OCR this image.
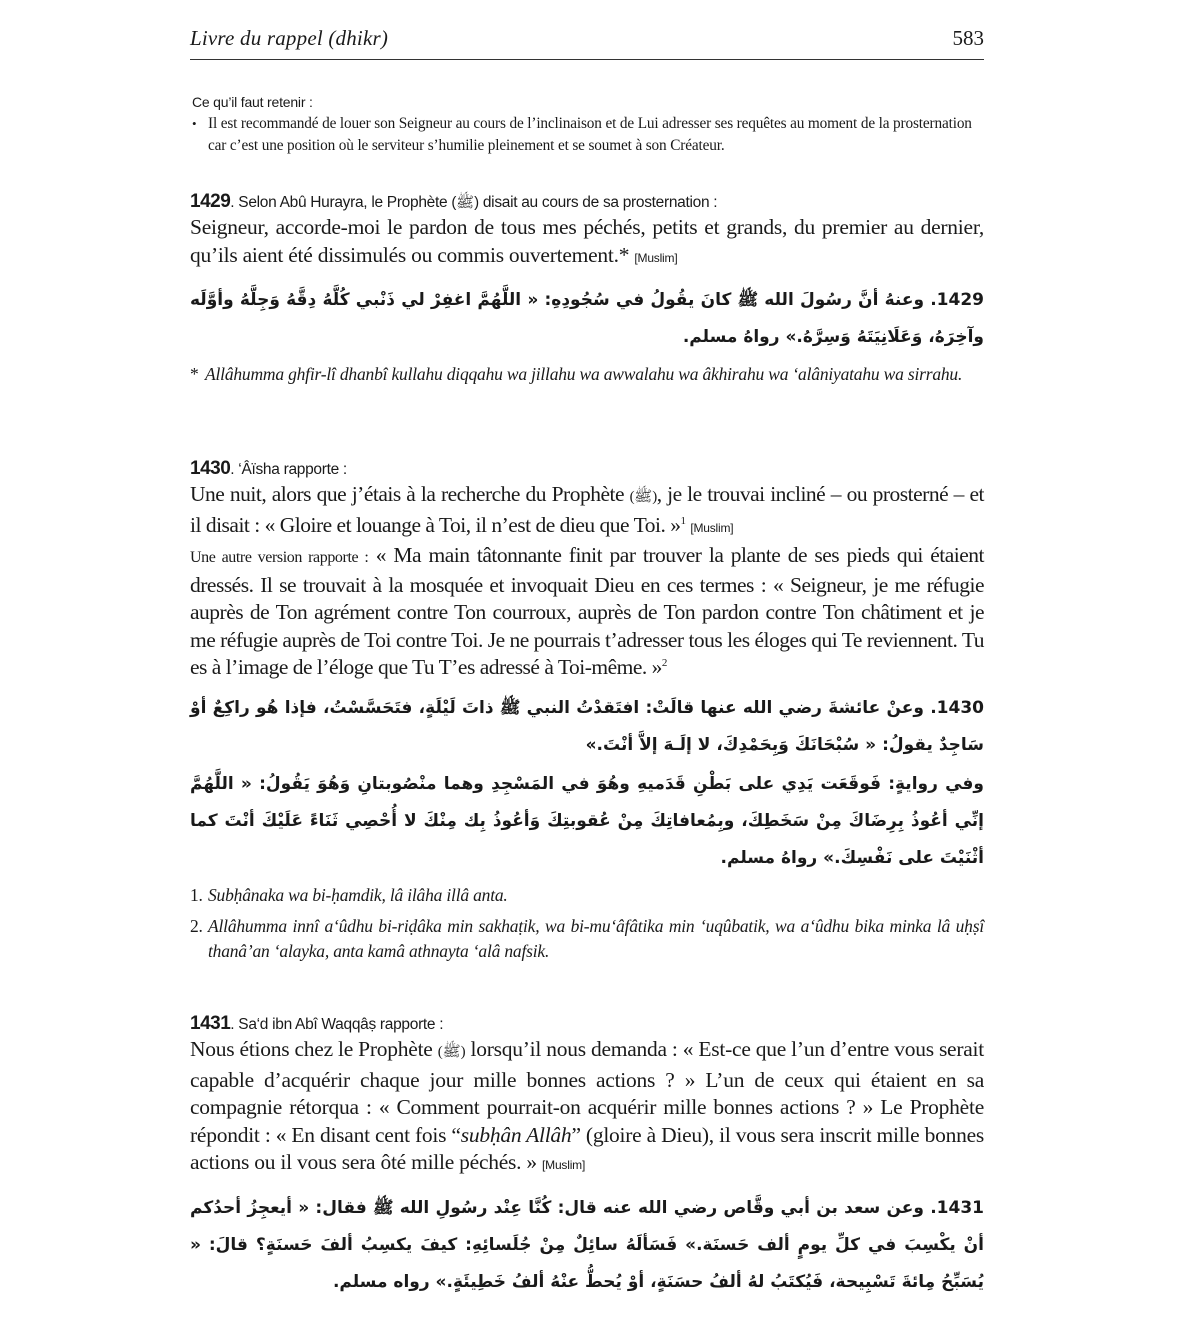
Livre du rappel (dhikr)	583
Ce qu’il faut retenir :
• Il est recommandé de louer son Seigneur au cours de l’inclinaison et de Lui adresser ses requêtes au moment de la prosternation car c’est une position où le serviteur s’humilie pleinement et se soumet à son Créateur.
1429. Selon Abû Hurayra, le Prophète (ﷺ) disait au cours de sa prosternation :
Seigneur, accorde-moi le pardon de tous mes péchés, petits et grands, du premier au dernier, qu’ils aient été dissimulés ou commis ouvertement.* [Muslim]
1429. وعنهُ أنَّ رسُولَ الله ﷺ كانَ يقُولُ في سُجُودِهِ: « اللَّهُمَّ اغفِرْ لي ذَنْبي كُلَّهُ دِقَّهُ وَجِلَّهُ وأوَّلَه وآخِرَهُ، وَعَلَانِيَتَهُ وَسِرَّهُ.» رواهُ مسلم.
* Allâhumma ghfir-lî dhanbî kullahu diqqahu wa jillahu wa awwalahu wa âkhirahu wa ‘alâniyatahu wa sirrahu.
1430. ‘Âïsha rapporte :
Une nuit, alors que j’étais à la recherche du Prophète (ﷺ), je le trouvai incliné – ou prosterné – et il disait : « Gloire et louange à Toi, il n’est de dieu que Toi. »$^1$ [Muslim]
Une autre version rapporte : « Ma main tâtonnante finit par trouver la plante de ses pieds qui étaient dressés. Il se trouvait à la mosquée et invoquait Dieu en ces termes : « Seigneur, je me réfugie auprès de Ton agrément contre Ton courroux, auprès de Ton pardon contre Ton châtiment et je me réfugie auprès de Toi contre Toi. Je ne pourrais t’adresser tous les éloges qui Te reviennent. Tu es à l’image de l’éloge que Tu T’es adressé à Toi-même. »$^2$
1430. وعنْ عائشةَ رضي الله عنها قالَتْ: افتَقدْتُ النبي ﷺ ذاتَ لَيْلَةٍ، فتَحَسَّسْتُ، فإذا هُو راكِعٌ أوْ سَاجِدٌ يقولُ: « سُبْحَانَكَ وَبِحَمْدِكَ، لا إلَـهَ إلاَّ أنْتَ.»
وفي روايةٍ: فَوقَعَت يَدِي على بَطْنِ قَدَميهِ وهُوَ في المَسْجِدِ وهما منْصُوبتانِ وَهُوَ يَقُولُ: « اللَّهُمَّ إنِّي أعُوذُ بِرِضَاكَ مِنْ سَخَطِكَ، وبِمُعافاتِكَ مِنْ عُقوبتِكَ وَأعُوذُ بِك مِنْكَ لا أُحْصِي ثَنَاءً عَلَيْكَ أنْتَ كما أثْنَيْتَ على نَفْسِكَ.» رواهُ مسلم.
1. Subḥânaka wa bi-ḥamdik, lâ ilâha illâ anta.
2. Allâhumma innî a‘ûdhu bi-riḍâka min sakhaṭik, wa bi-mu‘âfâtika min ‘uqûbatik, wa a‘ûdhu bika minka lâ uḥṣî thanâ’an ‘alayka, anta kamâ athnayta ‘alâ nafsik.
1431. Sa‘d ibn Abî Waqqâṣ rapporte :
Nous étions chez le Prophète (ﷺ) lorsqu’il nous demanda : « Est-ce que l’un d’entre vous serait capable d’acquérir chaque jour mille bonnes actions ? » L’un de ceux qui étaient en sa compagnie rétorqua : « Comment pourrait-on acquérir mille bonnes actions ? » Le Prophète répondit : « En disant cent fois “subḥân Allâh” (gloire à Dieu), il vous sera inscrit mille bonnes actions ou il vous sera ôté mille péchés. » [Muslim]
1431. وعن سعد بن أبي وقَّاص رضي الله عنه قال: كُنَّا عِنْد رسُولِ الله ﷺ فقال: « أيعجِزُ أحدُكم أنْ يكْسِبَ في كلِّ يومٍ ألف حَسنَة.» فَسَألَهُ سائِلٌ مِنْ جُلَسائِهِ: كيفَ يكسِبُ ألفَ حَسنَةٍ؟ قالَ: « يُسَبِّحُ مِائةَ تَسْبِيحة، فَيُكتَبُ لهُ ألفُ حسَنَةٍ، أوْ يُحطُّ عنْهُ ألفُ خَطِيئَةٍ.» رواه مسلم.
